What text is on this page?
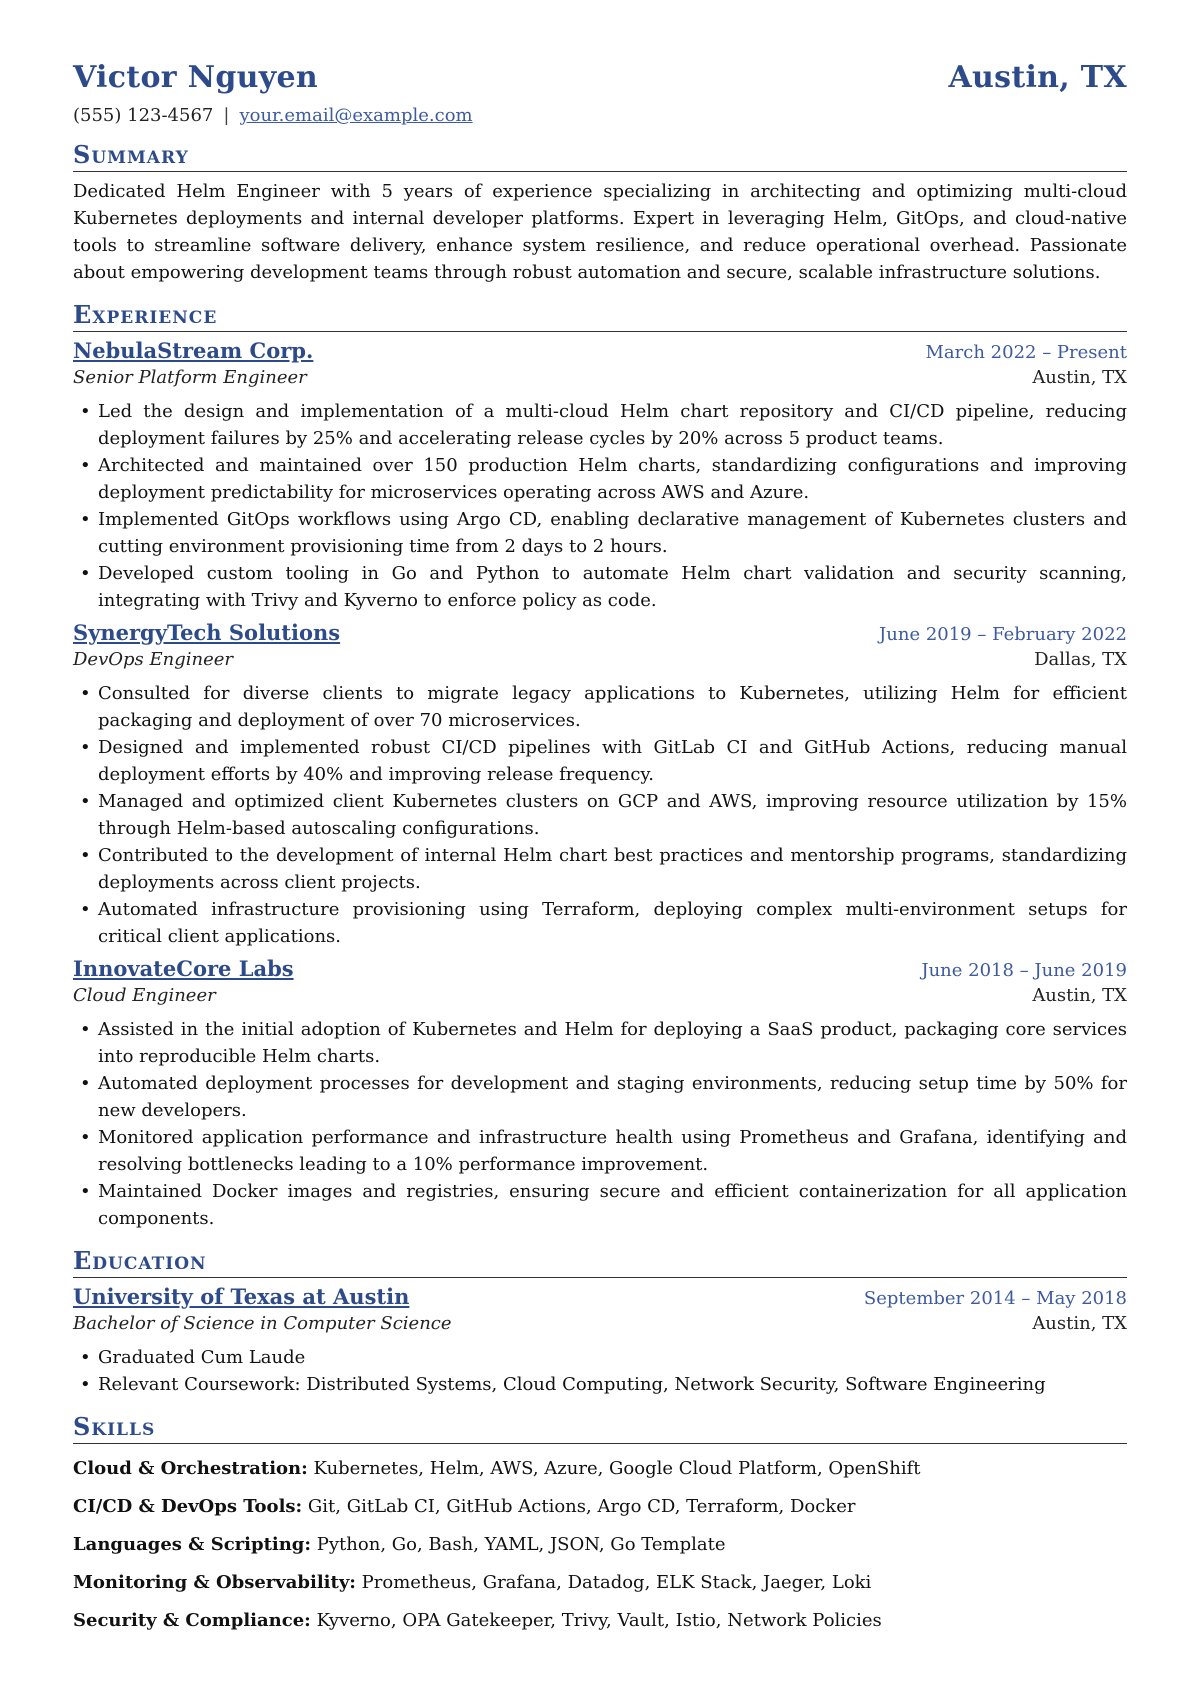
Victor Nguyen	Austin, TX
(555) 123-4567 | your.email@example.com
Summary
Dedicated Helm Engineer with 5 years of experience specializing in architecting and optimizing multi-cloud Kubernetes deployments and internal developer platforms. Expert in leveraging Helm, GitOps, and cloud-native tools to streamline software delivery, enhance system resilience, and reduce operational overhead. Passionate about empowering development teams through robust automation and secure, scalable infrastructure solutions.
Experience
NebulaStream Corp.	March 2022 – Present
Senior Platform Engineer	Austin, TX
• Led the design and implementation of a multi-cloud Helm chart repository and CI/CD pipeline, reducing deployment failures by 25% and accelerating release cycles by 20% across 5 product teams.
• Architected and maintained over 150 production Helm charts, standardizing configurations and improving deployment predictability for microservices operating across AWS and Azure.
• Implemented GitOps workflows using Argo CD, enabling declarative management of Kubernetes clusters and cutting environment provisioning time from 2 days to 2 hours.
• Developed custom tooling in Go and Python to automate Helm chart validation and security scanning, integrating with Trivy and Kyverno to enforce policy as code.
SynergyTech Solutions	June 2019 – February 2022
DevOps Engineer	Dallas, TX
• Consulted for diverse clients to migrate legacy applications to Kubernetes, utilizing Helm for efficient packaging and deployment of over 70 microservices.
• Designed and implemented robust CI/CD pipelines with GitLab CI and GitHub Actions, reducing manual deployment efforts by 40% and improving release frequency.
• Managed and optimized client Kubernetes clusters on GCP and AWS, improving resource utilization by 15% through Helm-based autoscaling configurations.
• Contributed to the development of internal Helm chart best practices and mentorship programs, standardizing deployments across client projects.
• Automated infrastructure provisioning using Terraform, deploying complex multi-environment setups for critical client applications.
InnovateCore Labs	June 2018 – June 2019
Cloud Engineer	Austin, TX
• Assisted in the initial adoption of Kubernetes and Helm for deploying a SaaS product, packaging core services into reproducible Helm charts.
• Automated deployment processes for development and staging environments, reducing setup time by 50% for new developers.
• Monitored application performance and infrastructure health using Prometheus and Grafana, identifying and resolving bottlenecks leading to a 10% performance improvement.
• Maintained Docker images and registries, ensuring secure and efficient containerization for all application components.
Education
University of Texas at Austin	September 2014 – May 2018
Bachelor of Science in Computer Science	Austin, TX
• Graduated Cum Laude
• Relevant Coursework: Distributed Systems, Cloud Computing, Network Security, Software Engineering
Skills
Cloud & Orchestration: Kubernetes, Helm, AWS, Azure, Google Cloud Platform, OpenShift
CI/CD & DevOps Tools: Git, GitLab CI, GitHub Actions, Argo CD, Terraform, Docker
Languages & Scripting: Python, Go, Bash, YAML, JSON, Go Template
Monitoring & Observability: Prometheus, Grafana, Datadog, ELK Stack, Jaeger, Loki
Security & Compliance: Kyverno, OPA Gatekeeper, Trivy, Vault, Istio, Network Policies
